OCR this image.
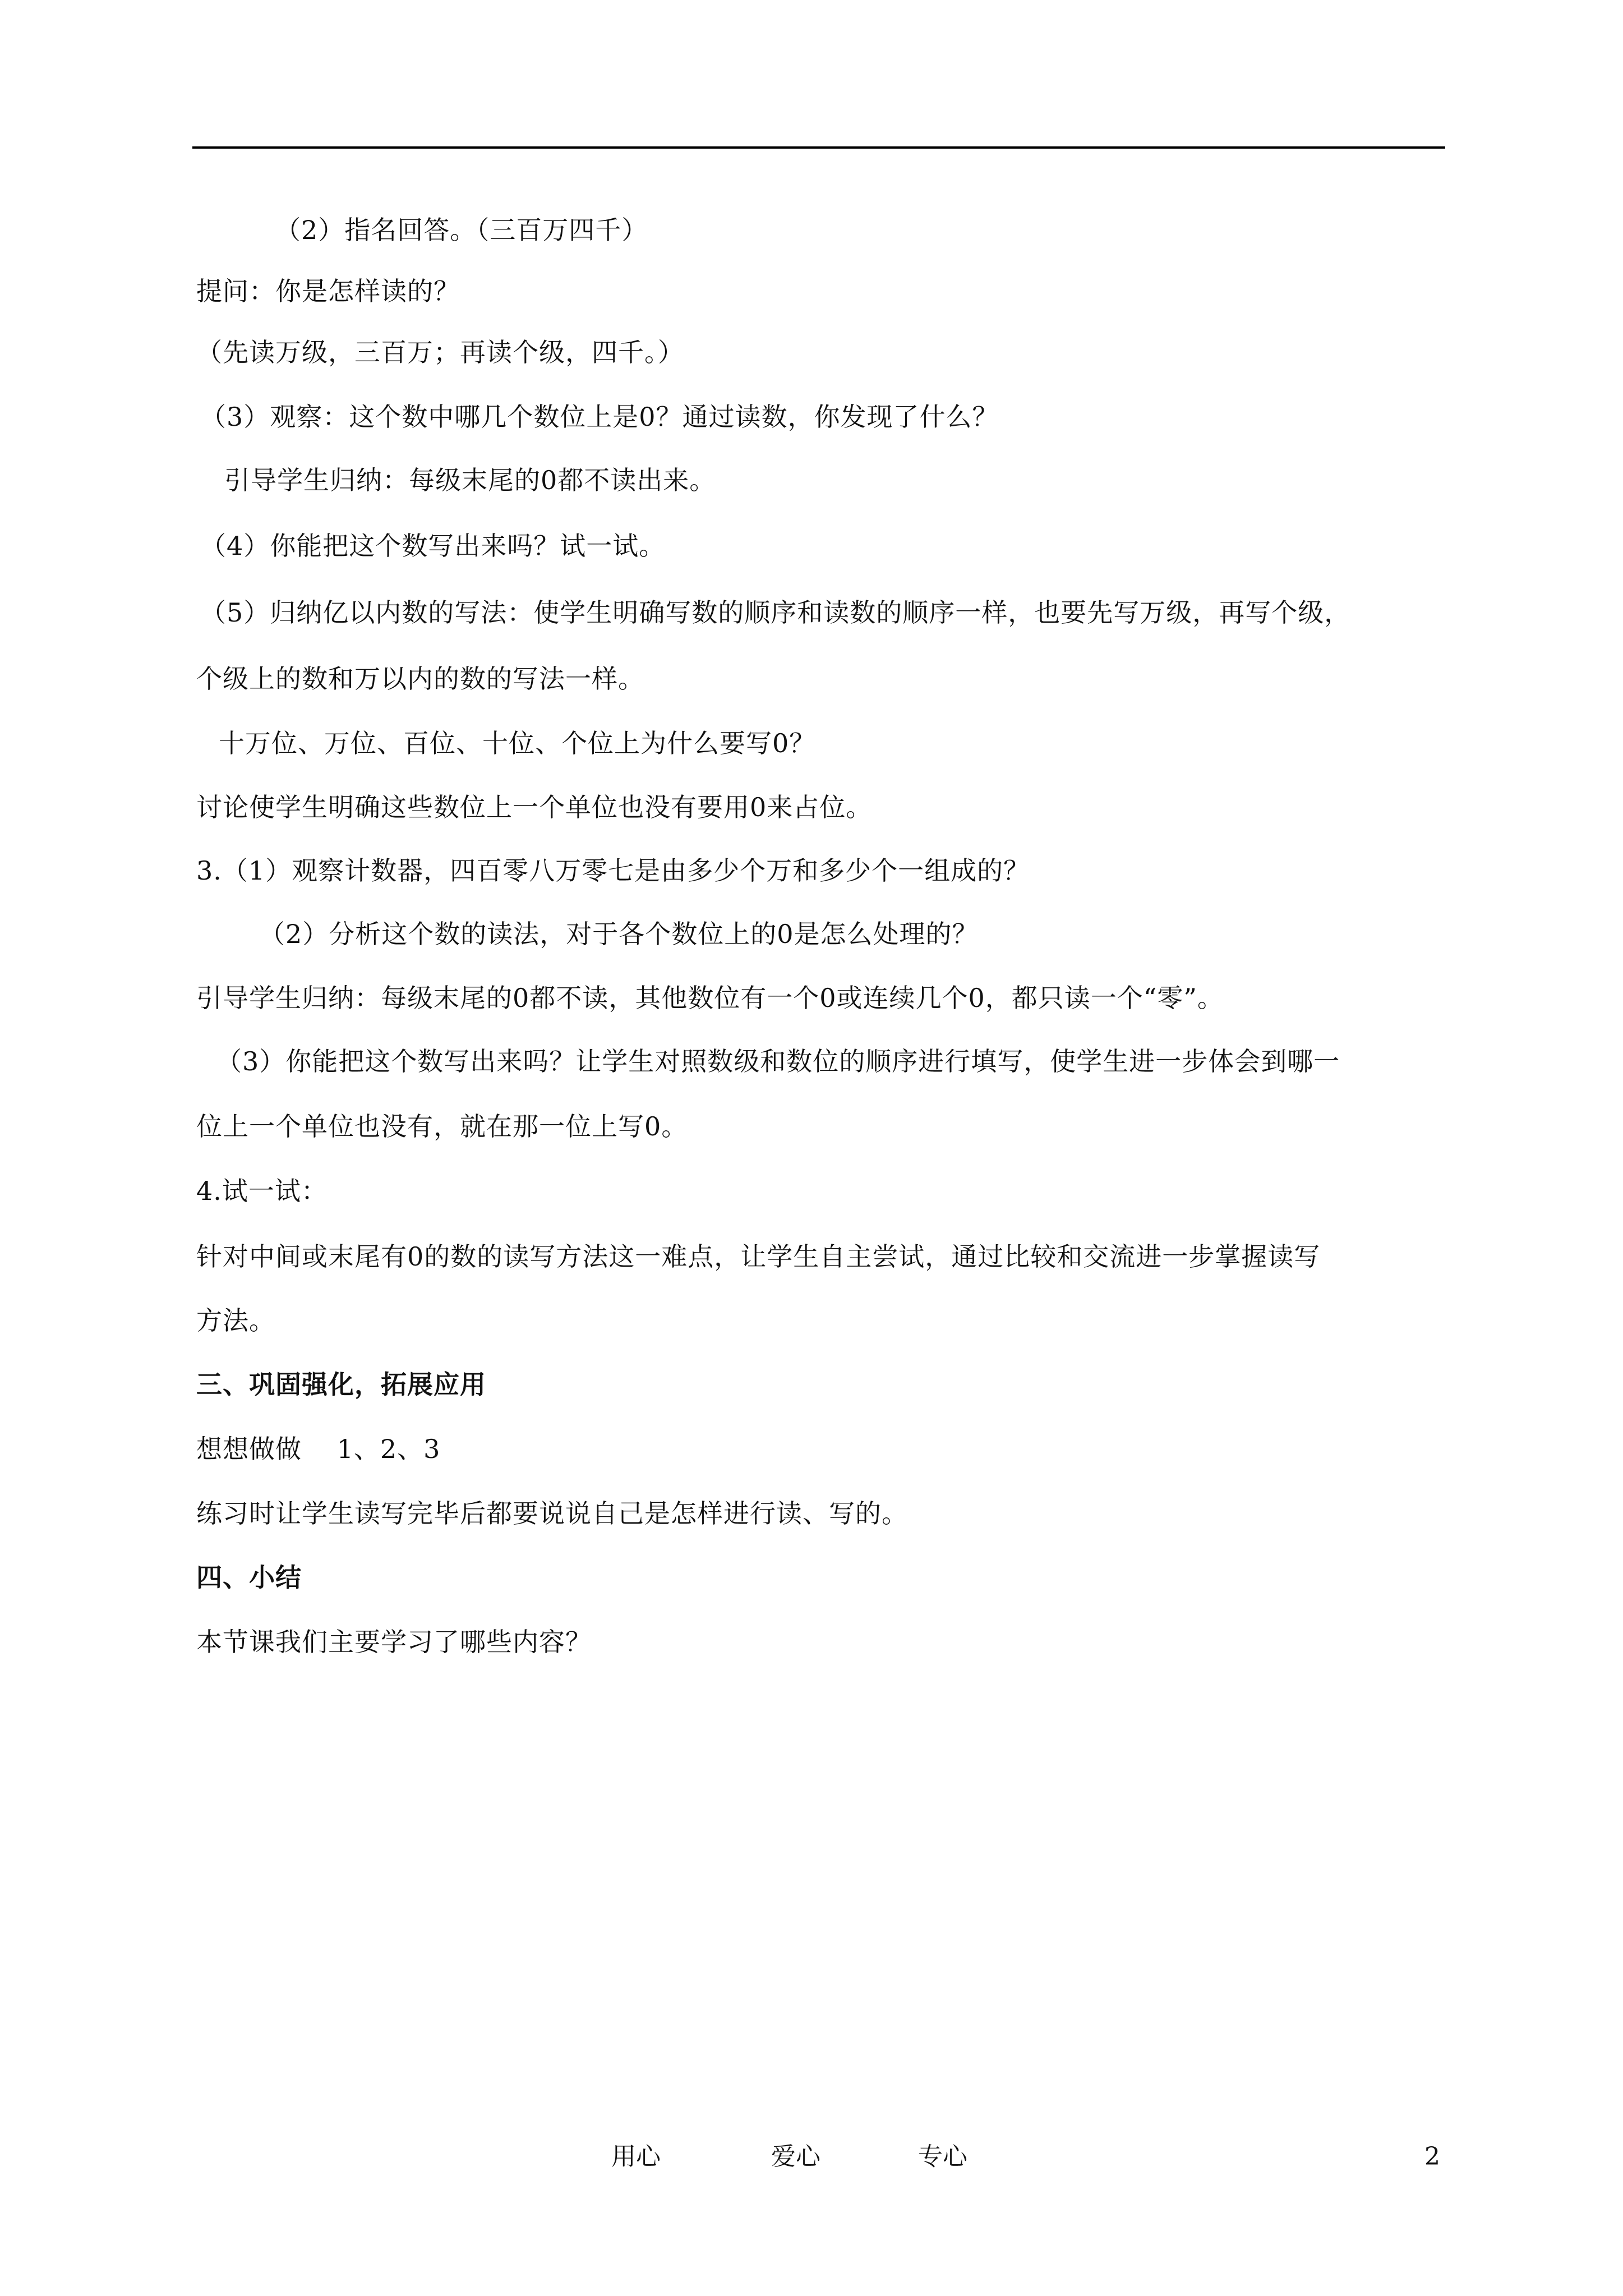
（2）指名回答。（三百万四千）
提问：你是怎样读的？
（先读万级，三百万；再读个级，四千。）
（3）观察：这个数中哪几个数位上是0？通过读数，你发现了什么？
引导学生归纳：每级末尾的0都不读出来。
（4）你能把这个数写出来吗？试一试。
（5）归纳亿以内数的写法：使学生明确写数的顺序和读数的顺序一样，也要先写万级，再写个级，
个级上的数和万以内的数的写法一样。
十万位、万位、百位、十位、个位上为什么要写0？
讨论使学生明确这些数位上一个单位也没有要用0来占位。
3.（1）观察计数器，四百零八万零七是由多少个万和多少个一组成的？
（2）分析这个数的读法，对于各个数位上的0是怎么处理的？
引导学生归纳：每级末尾的0都不读，其他数位有一个0或连续几个0，都只读一个“零”。
（3）你能把这个数写出来吗？让学生对照数级和数位的顺序进行填写，使学生进一步体会到哪一
位上一个单位也没有，就在那一位上写0。
4.试一试：
针对中间或末尾有0的数的读写方法这一难点，让学生自主尝试，通过比较和交流进一步掌握读写
方法。
三、巩固强化，拓展应用
想想做做　 1、2、3
练习时让学生读写完毕后都要说说自己是怎样进行读、写的。
四、小结
本节课我们主要学习了哪些内容？
用心	爱心	专心	2
